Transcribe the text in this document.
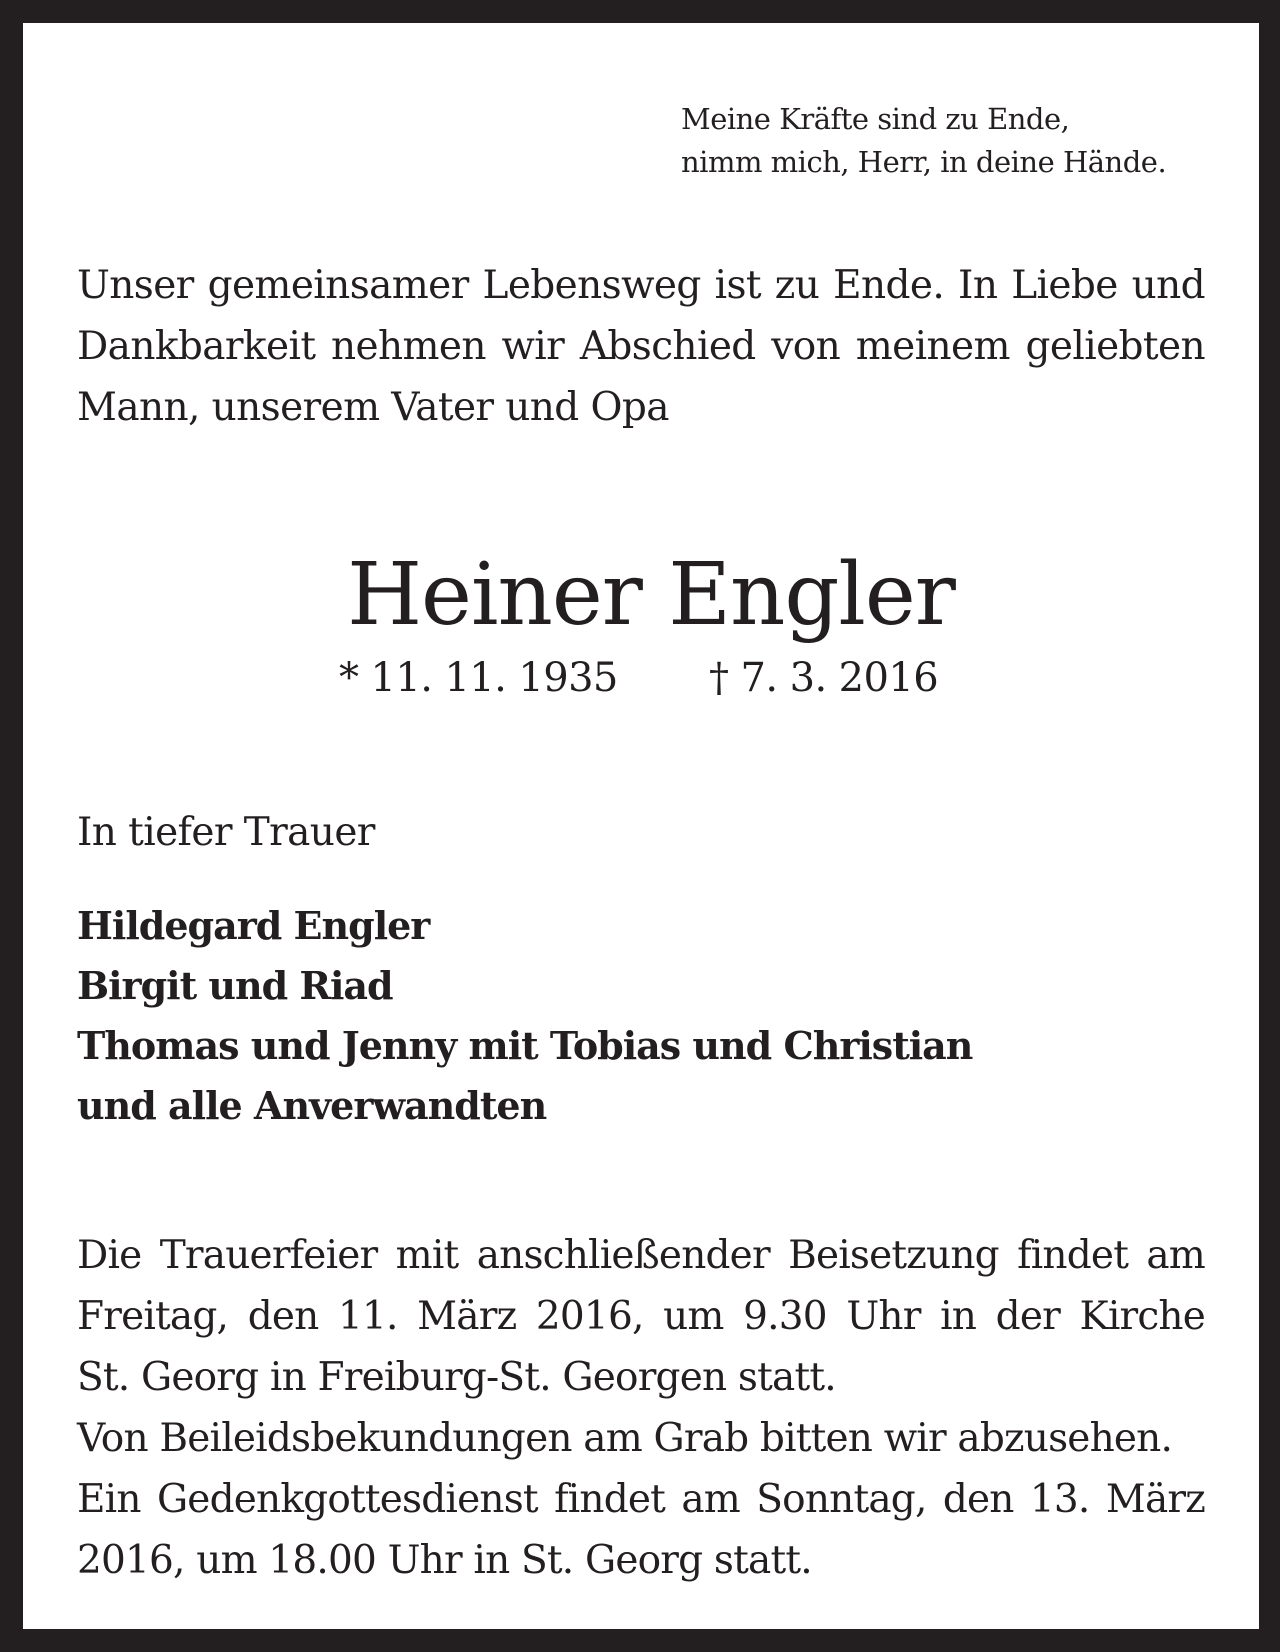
Meine Kräfte sind zu Ende,
nimm mich, Herr, in deine Hände.
Unser gemeinsamer Lebensweg ist zu Ende. In Liebe und
Dankbarkeit nehmen wir Abschied von meinem geliebten
Mann, unserem Vater und Opa
Heiner Engler
* 11. 11. 1935 † 7. 3. 2016
In tiefer Trauer
Hildegard Engler
Birgit und Riad
Thomas und Jenny mit Tobias und Christian
und alle Anverwandten
Die Trauerfeier mit anschließender Beisetzung findet am
Freitag, den 11. März 2016, um 9.30 Uhr in der Kirche
St. Georg in Freiburg-St. Georgen statt.
Von Beileidsbekundungen am Grab bitten wir abzusehen.
Ein Gedenkgottesdienst findet am Sonntag, den 13. März
2016, um 18.00 Uhr in St. Georg statt.
